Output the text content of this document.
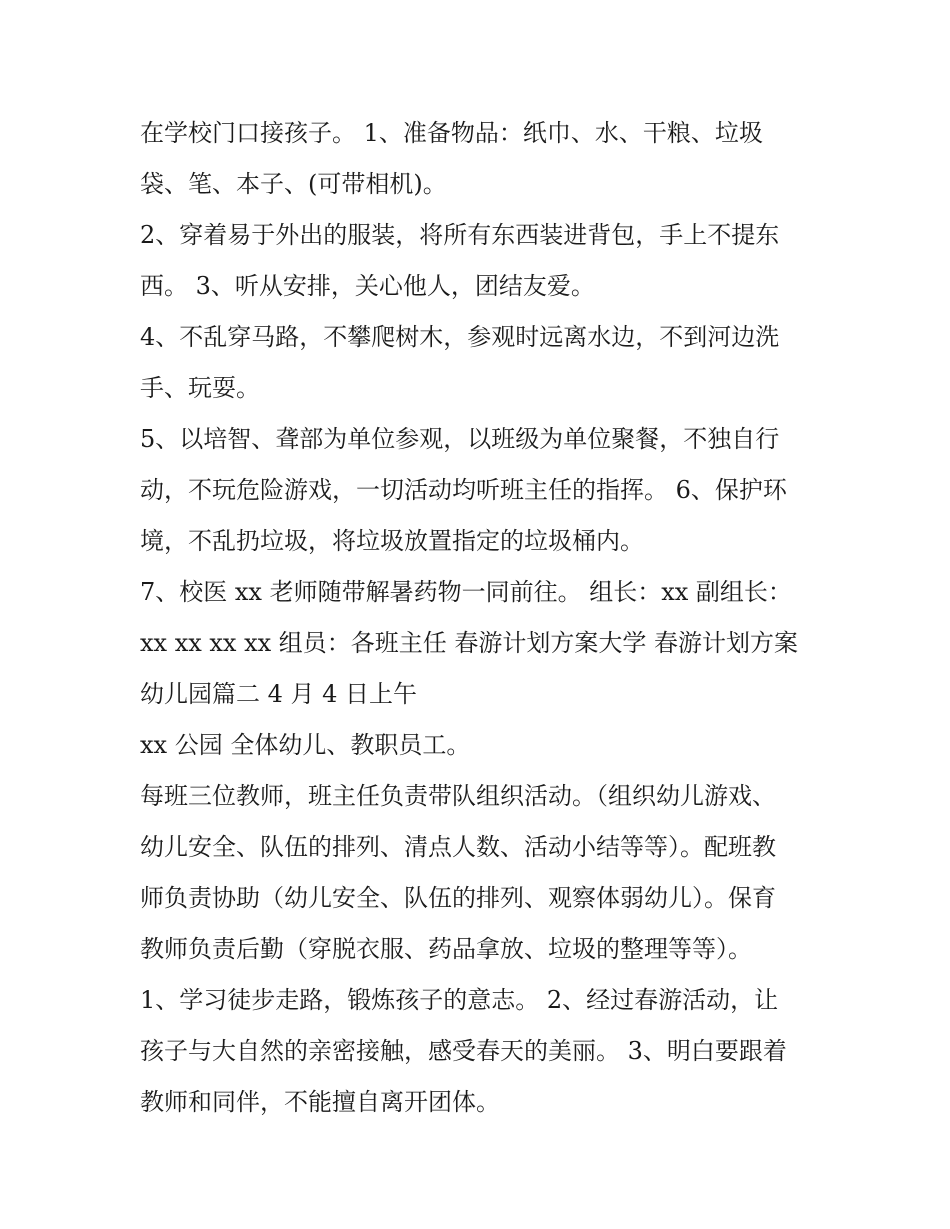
在学校门口接孩子。 1、准备物品：纸巾、水、干粮、垃圾

袋、笔、本子、(可带相机)。

2、穿着易于外出的服装，将所有东西装进背包，手上不提东

西。 3、听从安排，关心他人，团结友爱。

4、不乱穿马路，不攀爬树木，参观时远离水边，不到河边洗

手、玩耍。

5、以培智、聋部为单位参观，以班级为单位聚餐，不独自行

动，不玩危险游戏，一切活动均听班主任的指挥。 6、保护环

境，不乱扔垃圾，将垃圾放置指定的垃圾桶内。

7、校医 xx 老师随带解暑药物一同前往。 组长：xx 副组长：

xx xx xx xx 组员：各班主任 春游计划方案大学 春游计划方案

幼儿园篇二 4 月 4 日上午

xx 公园 全体幼儿、教职员工。

每班三位教师，班主任负责带队组织活动。（组织幼儿游戏、

幼儿安全、队伍的排列、清点人数、活动小结等等）。配班教

师负责协助（幼儿安全、队伍的排列、观察体弱幼儿）。保育

教师负责后勤（穿脱衣服、药品拿放、垃圾的整理等等）。

1、学习徒步走路，锻炼孩子的意志。 2、经过春游活动，让

孩子与大自然的亲密接触，感受春天的美丽。 3、明白要跟着

教师和同伴，不能擅自离开团体。
